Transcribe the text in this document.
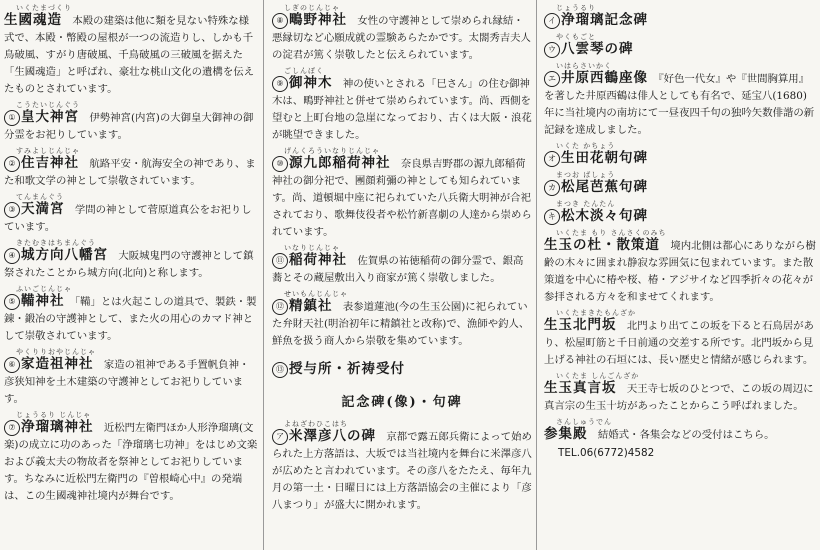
いくたまづくり
生國魂造　本殿の建築は他に類を見ない特殊な様式で、本殿・幣殿の屋根が一つの流造りし、しかも千鳥破風、すがり唐破風、千鳥破風の三破風を据えた「生國魂造」と呼ばれ、豪壮な桃山文化の遺構を伝えたものとされています。
こうたいじんぐう
① 皇大神宮　伊勢神宮(内宮)の大御皇大御神の御分霊をお祀りしています。
すみよしじんじゃ
② 住吉神社　航路平安・航海安全の神であり、また和歌文学の神として崇敬されています。
てんまんぐう
③ 天満宮　学問の神として菅原道真公をお祀りしています。
きたむきはちまんぐう
④ 城方向八幡宮　大阪城鬼門の守護神として鎮祭されたことから城方向(北向)と称します。
ふいごじんじゃ
⑤ 鞴神社　「鞴」とは火起こしの道具で、製鉄・製錬・鍛冶の守護神として、また火の用心のカマド神として崇敬されています。
やくりりおやじんじゃ
⑥ 家造祖神社　家造の祖神である手置帆負神・彦狭知神を土木建築の守護神としてお祀りしています。
じょうるり じんじゃ
⑦ 浄瑠璃神社　近松門左衛門ほか人形浄瑠璃(文楽)の成立に功のあった「浄瑠璃七功神」をはじめ文楽および義太夫の物故者を祭神としてお祀りしています。ちなみに近松門左衛門の『曽根崎心中』の発端は、この生國魂神社境内が舞台です。
しぎのじんじゃ
⑧ 鴫野神社　女性の守護神として崇められ縁結・悪縁切など心願成就の霊験あらたかです。太閤秀吉夫人の淀君が篤く崇敬したと伝えられています。
ごしんぼく
⑨ 御神木　神の使いとされる「巳さん」の住む御神木は、鴫野神社と併せて崇められています。尚、西側を望むと上町台地の急崖になっており、古くは大阪・浪花が眺望できました。
げんくろういなりじんじゃ
⑩ 源九郎稲荷神社　奈良県吉野郡の源九郎稲荷神社の御分祀で、團顔莉彌の神としても知られています。尚、道頓堀中座に祀られていた八兵衛大明神が合祀されており、歌舞伎役者や松竹新喜劇の人達から崇められています。
いなりじんじゃ
⑪ 稲荷神社　佐賀県の祐徳稲荷の御分霊で、銀高蕎とその蔵屋敷出入り商家が篤く崇敬しました。
せいもんじんじゃ
⑫ 精鎮社　表参道蓮池(今の生玉公園)に祀られていた弁財天社(明治初年に精鎮社と改称)で、漁師や釣人、鮮魚を扱う商人から崇敬を集めています。
⑬ 授与所・祈祷受付
記念碑(像)・句碑
よねざわひこはち
ア 米澤彦八の碑　京都で露五郎兵衛によって始められた上方落語は、大坂では当社境内を舞台に米澤彦八が広めたと言われています。その彦八をたたえ、毎年九月の第一土・日曜日には上方落語協会の主催により「彦八まつり」が盛大に開かれます。
じょうるり
イ 浄瑠璃記念碑
やくもごと
ウ 八雲琴の碑
いはらさいかく
エ 井原西鶴座像　『好色一代女』や『世間胸算用』を著した井原西鶴は俳人としても有名で、延宝八(1680)年に当社境内の南坊にて一昼夜四千句の独吟矢数俳諧の新記録を達成しました。
いくた かちょう
オ 生田花朝句碑
まつお ばしょう
カ 松尾芭蕉句碑
まつき たんたん
キ 松木淡々句碑
いくたま もり さんさくのみち
生玉の杜・散策道　境内北側は都心にありながら樹齢の木々に囲まれ静寂な雰囲気に包まれています。また散策道を中心に椿や桜、椿・アジサイなど四季折々の花々が参拝される方々を和ませてくれます。
いくたまきたもんざか
生玉北門坂　北門より出てこの坂を下ると石鳥居があり、松屋町筋と千日前通の交差する所です。北門坂から見上げる神社の石垣には、長い歴史と情緒が感じられます。
いくたま しんごんざか
生玉真言坂　天王寺七坂のひとつで、この坂の周辺に真言宗の生玉十坊があったことからこう呼ばれました。
さんしゅうでん
参集殿　結婚式・各集会などの受付はこちら。
TEL.06(6772)4582
